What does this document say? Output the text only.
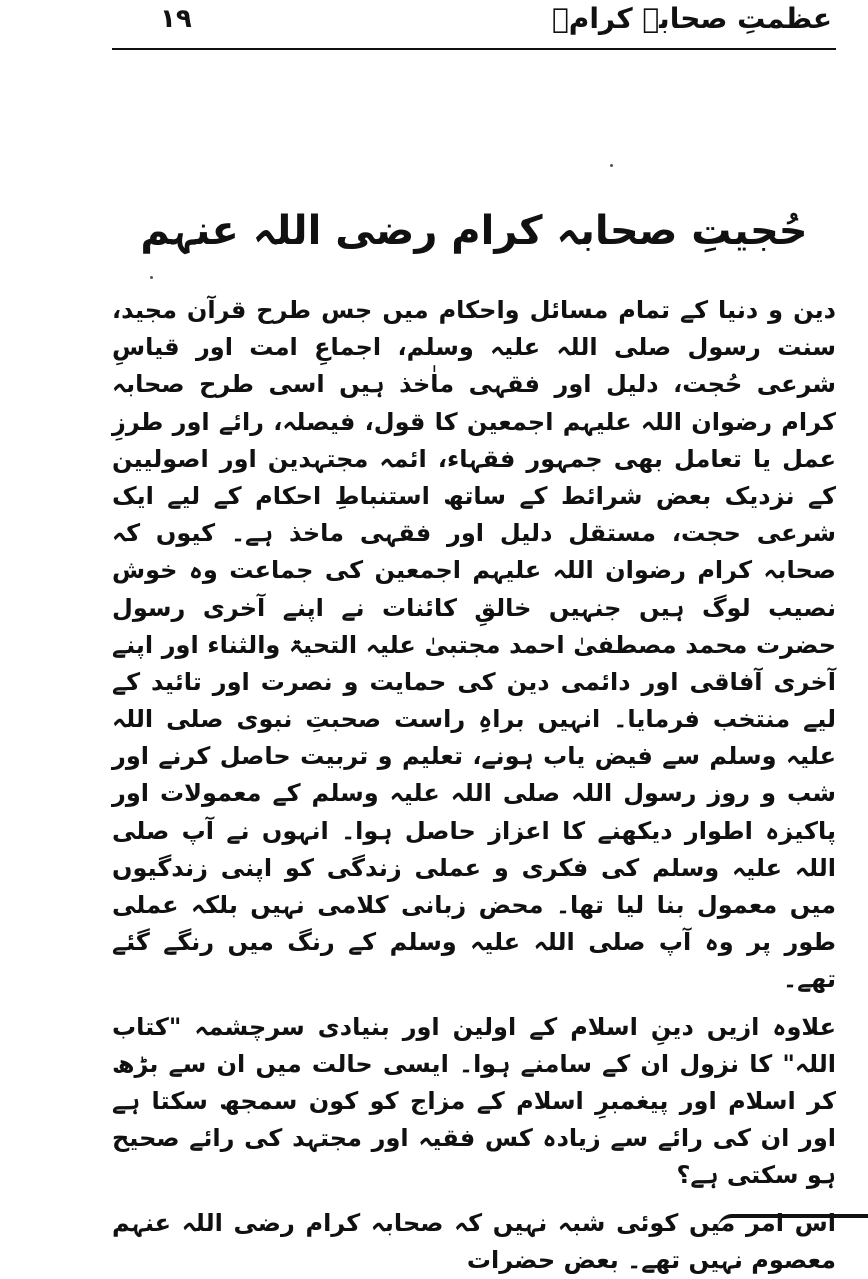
عظمتِ صحابہ کرامؓ
۱۹
حُجیتِ صحابہ کرام رضی اللہ عنہم

دین و دنیا کے تمام مسائل واحکام میں جس طرح قرآن مجید، سنت رسول صلی اللہ علیہ وسلم، اجماعِ امت اور قیاسِ شرعی حُجت، دلیل اور فقہی ماٰخذ ہیں اسی طرح صحابہ کرام رضوان اللہ علیہم اجمعین کا قول، فیصلہ، رائے اور طرزِ عمل یا تعامل بھی جمہور فقہاء، ائمہ مجتہدین اور اصولیین کے نزدیک بعض شرائط کے ساتھ استنباطِ احکام کے لیے ایک شرعی حجت، مستقل دلیل اور فقہی ماخذ ہے۔ کیوں کہ صحابہ کرام رضوان اللہ علیہم اجمعین کی جماعت وہ خوش نصیب لوگ ہیں جنہیں خالقِ کائنات نے اپنے آخری رسول حضرت محمد مصطفیٰ احمد مجتبیٰ علیہ التحیۃ والثناء اور اپنے آخری آفاقی اور دائمی دین کی حمایت و نصرت اور تائید کے لیے منتخب فرمایا۔ انہیں براہِ راست صحبتِ نبوی صلی اللہ علیہ وسلم سے فیض یاب ہونے، تعلیم و تربیت حاصل کرنے اور شب و روز رسول اللہ صلی اللہ علیہ وسلم کے معمولات اور پاکیزہ اطوار دیکھنے کا اعزاز حاصل ہوا۔ انہوں نے آپ صلی اللہ علیہ وسلم کی فکری و عملی زندگی کو اپنی زندگیوں میں معمول بنا لیا تھا۔ محض زبانی کلامی نہیں بلکہ عملی طور پر وہ آپ صلی اللہ علیہ وسلم کے رنگ میں رنگے گئے تھے۔

علاوہ ازیں دینِ اسلام کے اولین اور بنیادی سرچشمہ "کتاب اللہ" کا نزول ان کے سامنے ہوا۔ ایسی حالت میں ان سے بڑھ کر اسلام اور پیغمبرِ اسلام کے مزاج کو کون سمجھ سکتا ہے اور ان کی رائے سے زیادہ کس فقیہ اور مجتہد کی رائے صحیح ہو سکتی ہے؟

اس امر میں کوئی شبہ نہیں کہ صحابہ کرام رضی اللہ عنہم معصوم نہیں تھے۔ بعض حضرات
